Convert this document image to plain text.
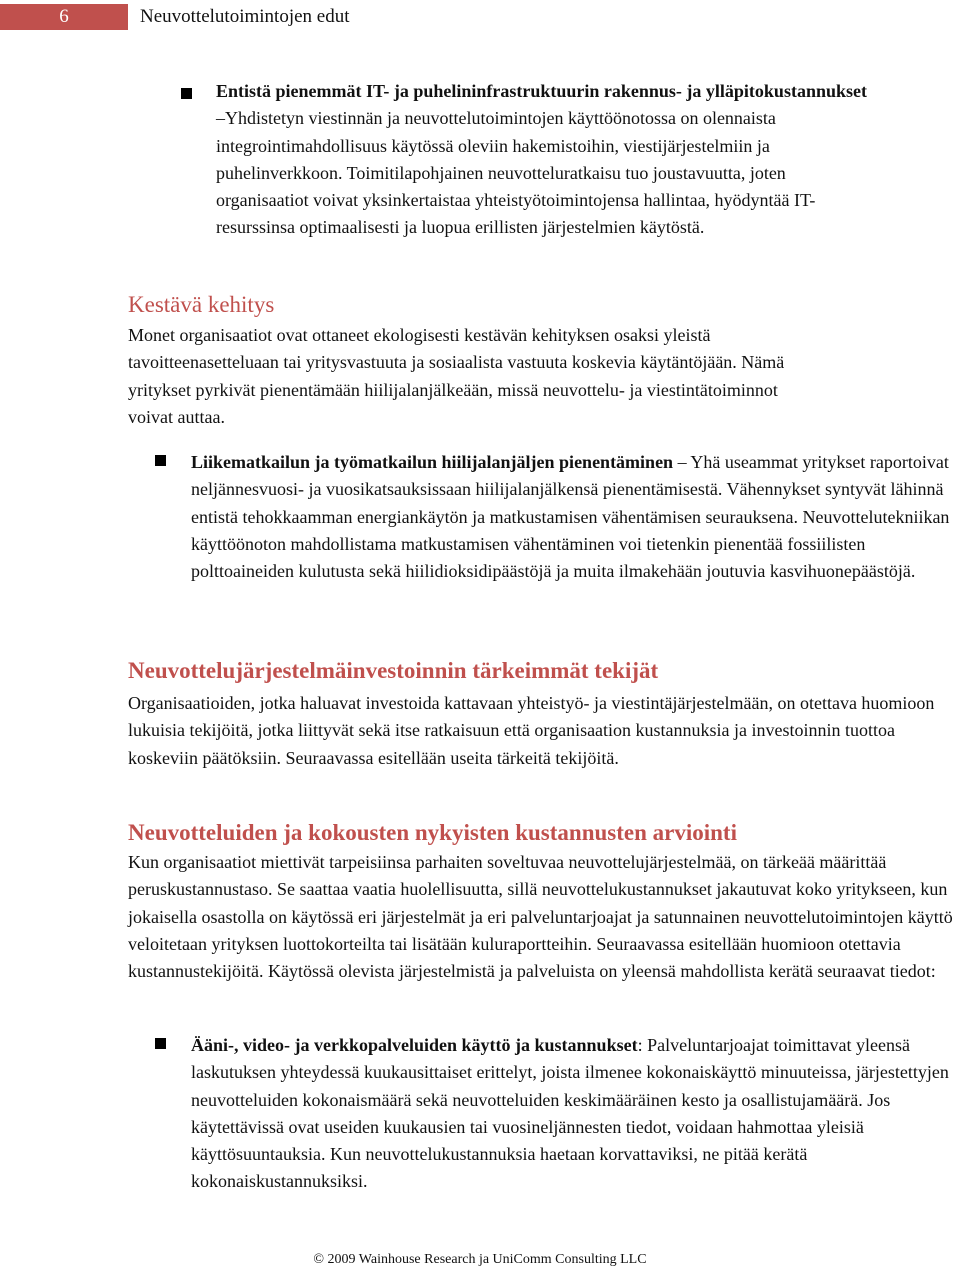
6	Neuvottelutoimintojen edut

Entistä pienemmät IT- ja puhelininfrastruktuurin rakennus- ja ylläpitokustannukset –Yhdistetyn viestinnän ja neuvottelutoimintojen käyttöönotossa on olennaista integrointimahdollisuus käytössä oleviin hakemistoihin, viestijärjestelmiin ja puhelinverkkoon. Toimitilapohjainen neuvotteluratkaisu tuo joustavuutta, joten organisaatiot voivat yksinkertaistaa yhteistyötoimintojensa hallintaa, hyödyntää IT-resurssinsa optimaalisesti ja luopua erillisten järjestelmien käytöstä.

Kestävä kehitys

Monet organisaatiot ovat ottaneet ekologisesti kestävän kehityksen osaksi yleistä tavoitteenasetteluaan tai yritysvastuuta ja sosiaalista vastuuta koskevia käytäntöjään. Nämä yritykset pyrkivät pienentämään hiilijalanjälkeään, missä neuvottelu- ja viestintätoiminnot voivat auttaa.

Liikematkailun ja työmatkailun hiilijalanjäljen pienentäminen – Yhä useammat yritykset raportoivat neljännesvuosi- ja vuosikatsauksissaan hiilijalanjälkensä pienentämisestä. Vähennykset syntyvät lähinnä entistä tehokkaamman energiankäytön ja matkustamisen vähentämisen seurauksena. Neuvottelutekniikan käyttöönoton mahdollistama matkustamisen vähentäminen voi tietenkin pienentää fossiilisten polttoaineiden kulutusta sekä hiilidioksidipäästöjä ja muita ilmakehään joutuvia kasvihuonepäästöjä.

Neuvottelujärjestelmäinvestoinnin tärkeimmät tekijät

Organisaatioiden, jotka haluavat investoida kattavaan yhteistyö- ja viestintäjärjestelmään, on otettava huomioon lukuisia tekijöitä, jotka liittyvät sekä itse ratkaisuun että organisaation kustannuksia ja investoinnin tuottoa koskeviin päätöksiin. Seuraavassa esitellään useita tärkeitä tekijöitä.

Neuvotteluiden ja kokousten nykyisten kustannusten arviointi

Kun organisaatiot miettivät tarpeisiinsa parhaiten soveltuvaa neuvottelujärjestelmää, on tärkeää määrittää peruskustannustaso. Se saattaa vaatia huolellisuutta, sillä neuvottelukustannukset jakautuvat koko yritykseen, kun jokaisella osastolla on käytössä eri järjestelmät ja eri palveluntarjoajat ja satunnainen neuvottelutoimintojen käyttö veloitetaan yrityksen luottokorteilta tai lisätään kuluraportteihin. Seuraavassa esitellään huomioon otettavia kustannustekijöitä. Käytössä olevista järjestelmistä ja palveluista on yleensä mahdollista kerätä seuraavat tiedot:

Ääni-, video- ja verkkopalveluiden käyttö ja kustannukset: Palveluntarjoajat toimittavat yleensä laskutuksen yhteydessä kuukausittaiset erittelyt, joista ilmenee kokonaiskäyttö minuuteissa, järjestettyjen neuvotteluiden kokonaismäärä sekä neuvotteluiden keskimääräinen kesto ja osallistujamäärä. Jos käytettävissä ovat useiden kuukausien tai vuosineljännesten tiedot, voidaan hahmottaa yleisiä käyttösuuntauksia. Kun neuvottelukustannuksia haetaan korvattaviksi, ne pitää kerätä kokonaiskustannuksiksi.

© 2009 Wainhouse Research ja UniComm Consulting LLC
